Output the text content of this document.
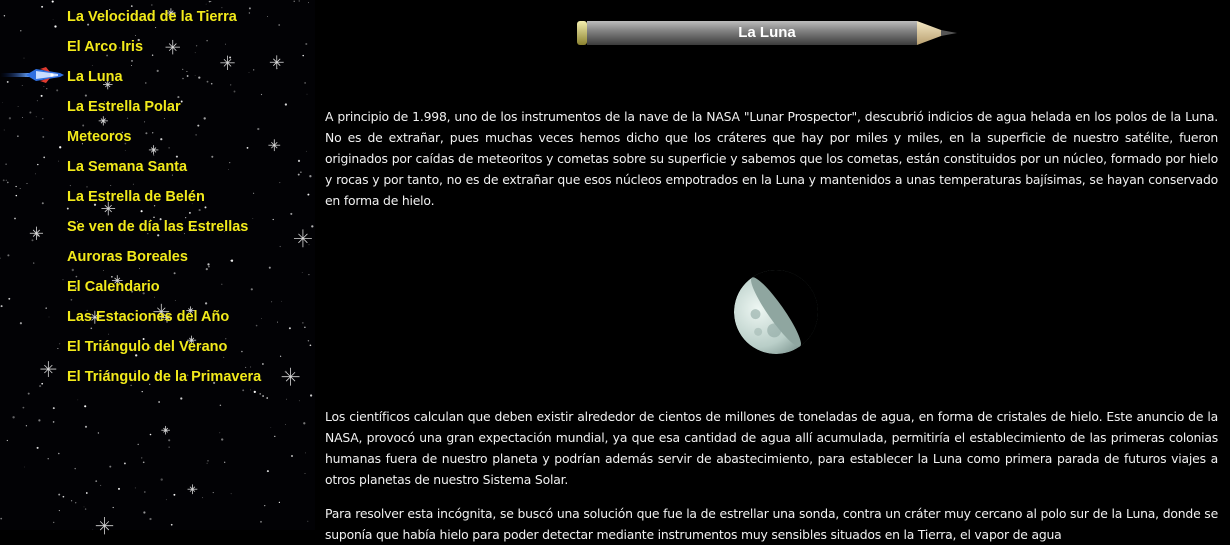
La Velocidad de la Tierra
El Arco Iris
La Luna
La Estrella Polar
Meteoros
La Semana Santa
La Estrella de Belén
Se ven de día las Estrellas
Auroras Boreales
El Calendario
Las Estaciones del Año
El Triángulo del Verano
El Triángulo de la Primavera
La Luna

A principio de 1.998, uno de los instrumentos de la nave de la NASA "Lunar Prospector", descubrió indicios de agua helada en los polos de la Luna. No es de extrañar, pues muchas veces hemos dicho que los cráteres que hay por miles y miles, en la superficie de nuestro satélite, fueron originados por caídas de meteoritos y cometas sobre su superficie y sabemos que los cometas, están constituidos por un núcleo, formado por hielo y rocas y por tanto, no es de extrañar que esos núcleos empotrados en la Luna y mantenidos a unas temperaturas bajísimas, se hayan conservado en forma de hielo.

Los científicos calculan que deben existir alrededor de cientos de millones de toneladas de agua, en forma de cristales de hielo. Este anuncio de la NASA, provocó una gran expectación mundial, ya que esa cantidad de agua allí acumulada, permitiría el establecimiento de las primeras colonias humanas fuera de nuestro planeta y podrían además servir de abastecimiento, para establecer la Luna como primera parada de futuros viajes a otros planetas de nuestro Sistema Solar.

Para resolver esta incógnita, se buscó una solución que fue la de estrellar una sonda, contra un cráter muy cercano al polo sur de la Luna, donde se suponía que había hielo para poder detectar mediante instrumentos muy sensibles situados en la Tierra, el vapor de agua
